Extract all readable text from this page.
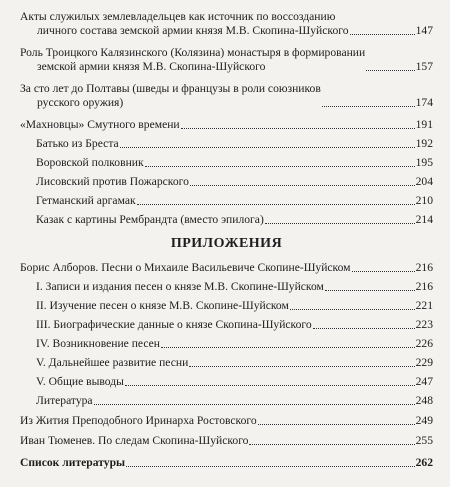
Акты служилых землевладельцев как источник по воссозданию
личного состава земской армии князя М.В. Скопина-Шуйского	147
Роль Троицкого Калязинского (Колязина) монастыря в формировании
земской армии князя М.В. Скопина-Шуйского	157
За сто лет до Полтавы (шведы и французы в роли союзников
русского оружия)	174
«Махновцы» Смутного времени	191
Батько из Бреста	192
Воровской полковник	195
Лисовский против Пожарского	204
Гетманский аргамак	210
Казак с картины Рембрандта (вместо эпилога)	214
ПРИЛОЖЕНИЯ
Борис Алборов. Песни о Михаиле Васильевиче Скопине-Шуйском	216
I. Записи и издания песен о князе М.В. Скопине-Шуйском	216
II. Изучение песен о князе М.В. Скопине-Шуйском	221
III. Биографические данные о князе Скопина-Шуйского	223
IV. Возникновение песен	226
V. Дальнейшее развитие песни	229
V. Общие выводы	247
Литература	248
Из Жития Преподобного Иринарха Ростовского	249
Иван Тюменев. По следам Скопина-Шуйского	255
Список литературы	262
